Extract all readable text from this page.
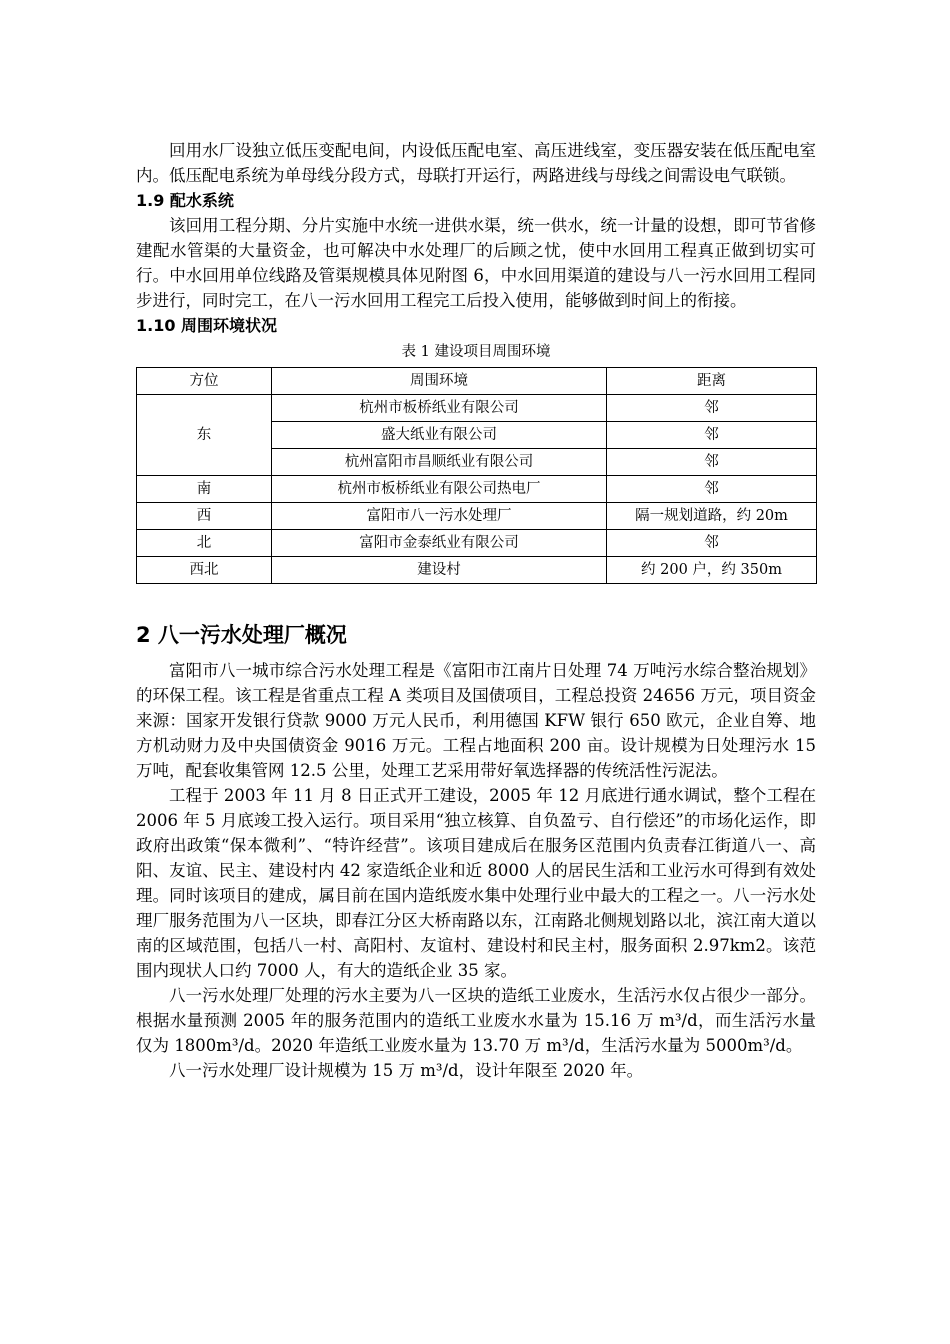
回用水厂设独立低压变配电间，内设低压配电室、高压进线室，变压器安装在低压配电室内。低压配电系统为单母线分段方式，母联打开运行，两路进线与母线之间需设电气联锁。

1.9 配水系统

该回用工程分期、分片实施中水统一进供水渠，统一供水，统一计量的设想，即可节省修建配水管渠的大量资金，也可解决中水处理厂的后顾之忧，使中水回用工程真正做到切实可行。中水回用单位线路及管渠规模具体见附图 6，中水回用渠道的建设与八一污水回用工程同步进行，同时完工，在八一污水回用工程完工后投入使用，能够做到时间上的衔接。

1.10 周围环境状况
表 1 建设项目周围环境
方位	周围环境	距离
东	杭州市板桥纸业有限公司	邻
	盛大纸业有限公司	邻
	杭州富阳市昌顺纸业有限公司	邻
南	杭州市板桥纸业有限公司热电厂	邻
西	富阳市八一污水处理厂	隔一规划道路，约 20m
北	富阳市金泰纸业有限公司	邻
西北	建设村	约 200 户，约 350m
2 八一污水处理厂概况

富阳市八一城市综合污水处理工程是《富阳市江南片日处理 74 万吨污水综合整治规划》的环保工程。该工程是省重点工程 A 类项目及国债项目，工程总投资 24656 万元，项目资金来源：国家开发银行贷款 9000 万元人民币，利用德国 KFW 银行 650 欧元，企业自筹、地方机动财力及中央国债资金 9016 万元。工程占地面积 200 亩。设计规模为日处理污水 15 万吨，配套收集管网 12.5 公里，处理工艺采用带好氧选择器的传统活性污泥法。

工程于 2003 年 11 月 8 日正式开工建设，2005 年 12 月底进行通水调试，整个工程在 2006 年 5 月底竣工投入运行。项目采用“独立核算、自负盈亏、自行偿还”的市场化运作，即政府出政策“保本微利”、“特许经营”。该项目建成后在服务区范围内负责春江街道八一、高阳、友谊、民主、建设村内 42 家造纸企业和近 8000 人的居民生活和工业污水可得到有效处理。同时该项目的建成，属目前在国内造纸废水集中处理行业中最大的工程之一。八一污水处理厂服务范围为八一区块，即春江分区大桥南路以东，江南路北侧规划路以北，滨江南大道以南的区域范围，包括八一村、高阳村、友谊村、建设村和民主村，服务面积 2.97km2。该范围内现状人口约 7000 人，有大的造纸企业 35 家。

八一污水处理厂处理的污水主要为八一区块的造纸工业废水，生活污水仅占很少一部分。根据水量预测 2005 年的服务范围内的造纸工业废水水量为 15.16 万 m³/d，而生活污水量仅为 1800m³/d。2020 年造纸工业废水量为 13.70 万 m³/d，生活污水量为 5000m³/d。

八一污水处理厂设计规模为 15 万 m³/d，设计年限至 2020 年。
